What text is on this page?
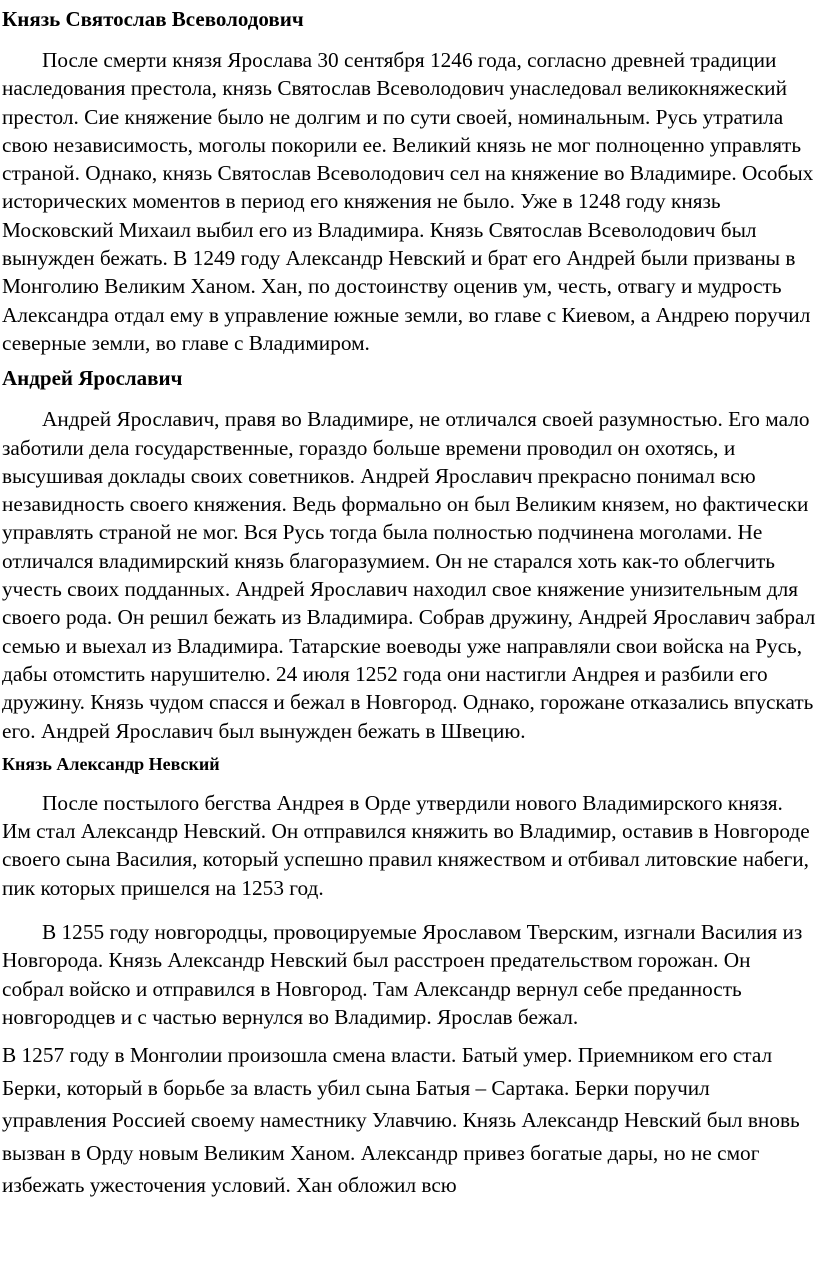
Князь Святослав Всеволодович

После смерти князя Ярослава 30 сентября 1246 года, согласно древней традиции наследования престола, князь Святослав Всеволодович унаследовал великокняжеский престол. Сие княжение было не долгим и по сути своей, номинальным. Русь утратила свою независимость, моголы покорили ее. Великий князь не мог полноценно управлять страной. Однако, князь Святослав Всеволодович сел на княжение во Владимире. Особых исторических моментов в период его княжения не было. Уже в 1248 году князь Московский Михаил выбил его из Владимира. Князь Святослав Всеволодович был вынужден бежать. В 1249 году Александр Невский и брат его Андрей были призваны в Монголию Великим Ханом. Хан, по достоинству оценив ум, честь, отвагу и мудрость Александра отдал ему в управление южные земли, во главе с Киевом, а Андрею поручил северные земли, во главе с Владимиром.

Андрей Ярославич

Андрей Ярославич, правя во Владимире, не отличался своей разумностью. Его мало заботили дела государственные, гораздо больше времени проводил он охотясь, и высушивая доклады своих советников. Андрей Ярославич прекрасно понимал всю незавидность своего княжения. Ведь формально он был Великим князем, но фактически управлять страной не мог. Вся Русь тогда была полностью подчинена моголами. Не отличался владимирский князь благоразумием. Он не старался хоть как-то облегчить учесть своих подданных. Андрей Ярославич находил свое княжение унизительным для своего рода. Он решил бежать из Владимира. Собрав дружину, Андрей Ярославич забрал семью и выехал из Владимира. Татарские воеводы уже направляли свои войска на Русь, дабы отомстить нарушителю. 24 июля 1252 года они настигли Андрея и разбили его дружину. Князь чудом спасся и бежал в Новгород. Однако, горожане отказались впускать его. Андрей Ярославич был вынужден бежать в Швецию.

Князь Александр Невский

После постылого бегства Андрея в Орде утвердили нового Владимирского князя. Им стал Александр Невский. Он отправился княжить во Владимир, оставив в Новгороде своего сына Василия, который успешно правил княжеством и отбивал литовские набеги, пик которых пришелся на 1253 год.

В 1255 году новгородцы, провоцируемые Ярославом Тверским, изгнали Василия из Новгорода. Князь Александр Невский был расстроен предательством горожан. Он собрал войско и отправился в Новгород. Там Александр вернул себе преданность новгородцев и с частью вернулся во Владимир. Ярослав бежал.

В 1257 году в Монголии произошла смена власти. Батый умер. Приемником его стал Берки, который в борьбе за власть убил сына Батыя – Сартака. Берки поручил управления Россией своему наместнику Улавчию. Князь Александр Невский был вновь вызван в Орду новым Великим Ханом. Александр привез богатые дары, но не смог избежать ужесточения условий. Хан обложил всю
